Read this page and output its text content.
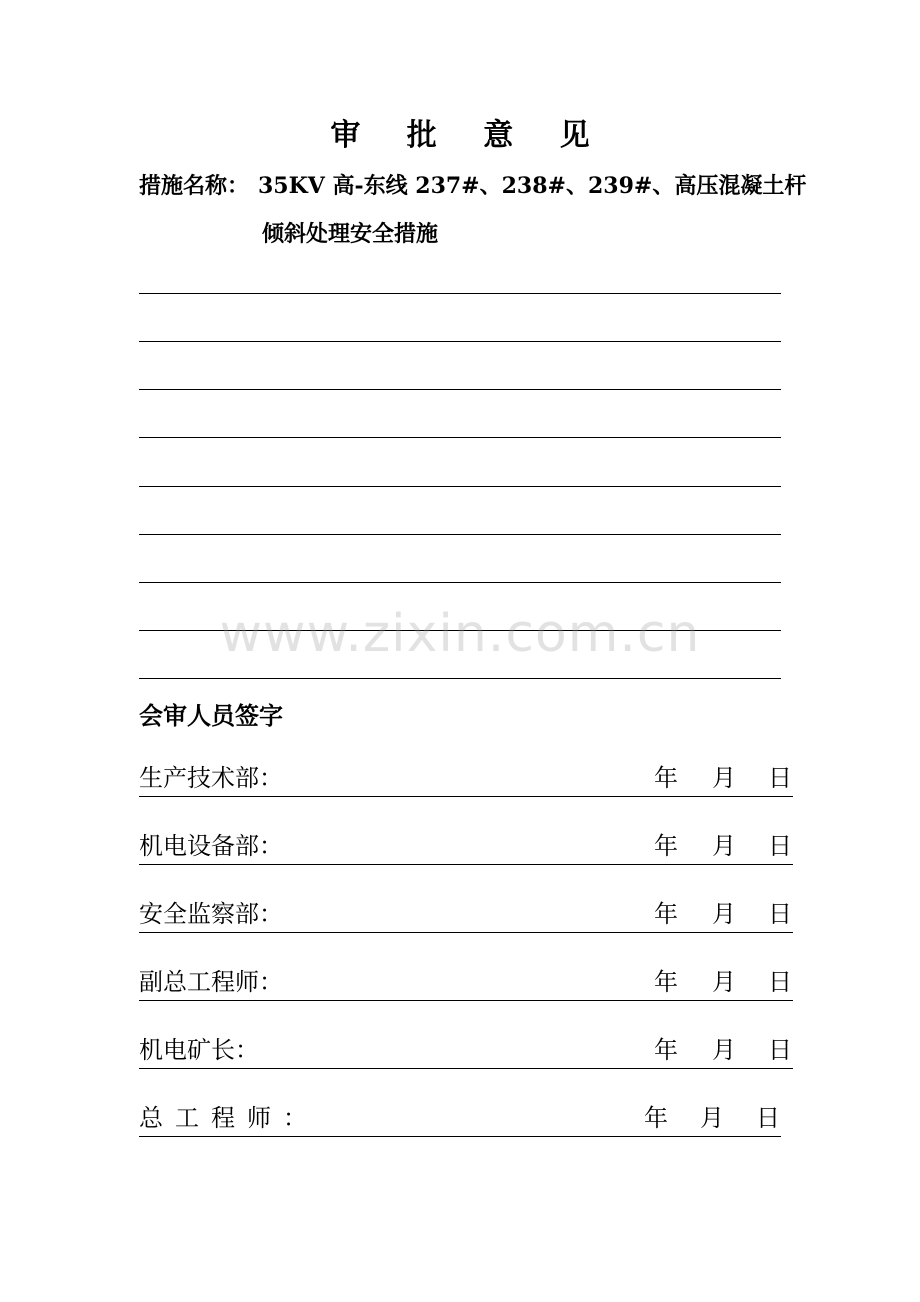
审 批 意 见
措施名称： 35KV 高-东线 237#、238#、239#、高压混凝土杆
倾斜处理安全措施
会审人员签字
生产技术部：	年 月 日
机电设备部：	年 月 日
安全监察部：	年 月 日
副总工程师：	年 月 日
机电矿长：	年 月 日
总工程师：	年 月 日
www.zixin.com.cn
